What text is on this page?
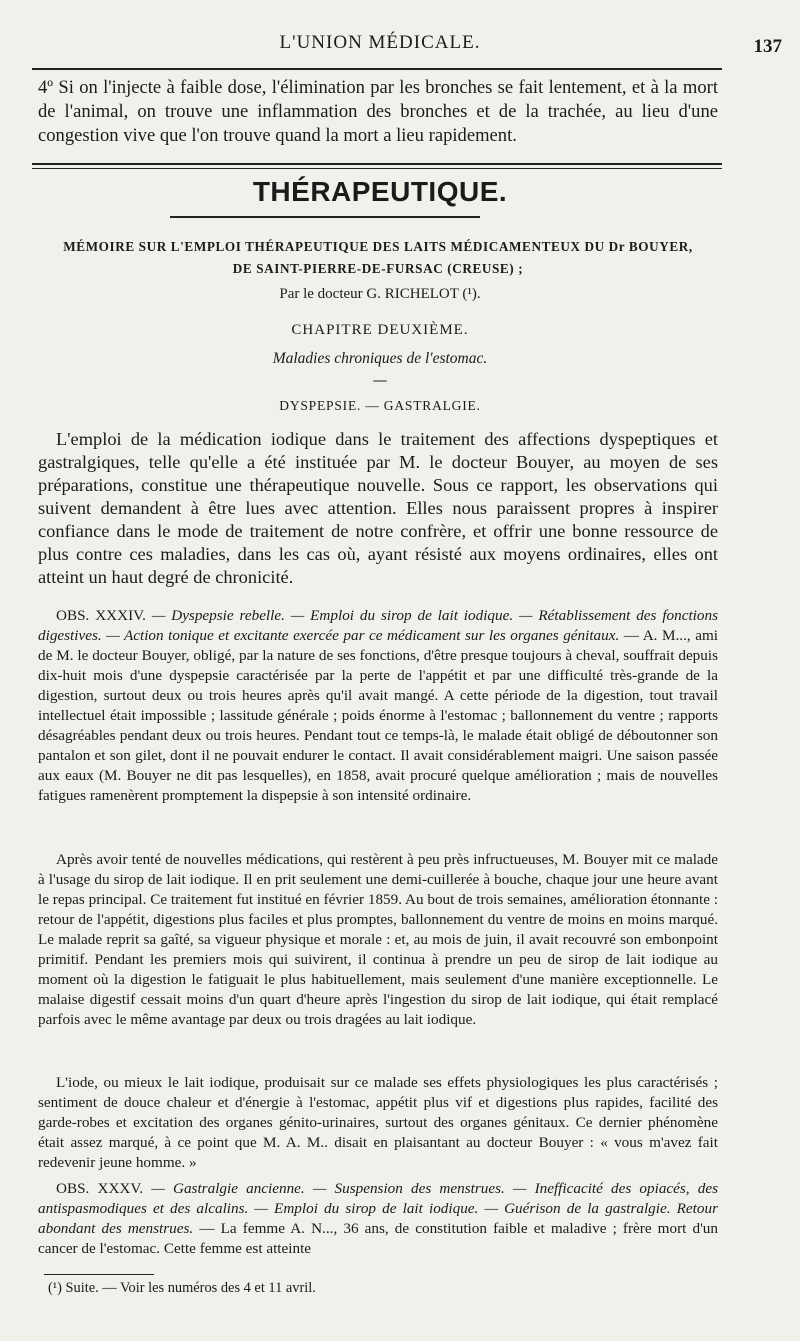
L'UNION MÉDICALE.	137
4º Si on l'injecte à faible dose, l'élimination par les bronches se fait lentement, et à la mort de l'animal, on trouve une inflammation des bronches et de la trachée, au lieu d'une congestion vive que l'on trouve quand la mort a lieu rapidement.
THÉRAPEUTIQUE.
MÉMOIRE SUR L'EMPLOI THÉRAPEUTIQUE DES LAITS MÉDICAMENTEUX DU Dr BOUYER,
DE SAINT-PIERRE-DE-FURSAC (CREUSE) ;
Par le docteur G. RICHELOT (¹).
CHAPITRE DEUXIÈME.
Maladies chroniques de l'estomac.
—
DYSPEPSIE. — GASTRALGIE.
L'emploi de la médication iodique dans le traitement des affections dyspeptiques et gastralgiques, telle qu'elle a été instituée par M. le docteur Bouyer, au moyen de ses préparations, constitue une thérapeutique nouvelle. Sous ce rapport, les observations qui suivent demandent à être lues avec attention. Elles nous paraissent propres à inspirer confiance dans le mode de traitement de notre confrère, et offrir une bonne ressource de plus contre ces maladies, dans les cas où, ayant résisté aux moyens ordinaires, elles ont atteint un haut degré de chronicité.
OBS. XXXIV. — Dyspepsie rebelle. — Emploi du sirop de lait iodique. — Rétablissement des fonctions digestives. — Action tonique et excitante exercée par ce médicament sur les organes génitaux. — A. M..., ami de M. le docteur Bouyer, obligé, par la nature de ses fonctions, d'être presque toujours à cheval, souffrait depuis dix-huit mois d'une dyspepsie caractérisée par la perte de l'appétit et par une difficulté très-grande de la digestion, surtout deux ou trois heures après qu'il avait mangé. A cette période de la digestion, tout travail intellectuel était impossible ; lassitude générale ; poids énorme à l'estomac ; ballonnement du ventre ; rapports désagréables pendant deux ou trois heures. Pendant tout ce temps-là, le malade était obligé de déboutonner son pantalon et son gilet, dont il ne pouvait endurer le contact. Il avait considérablement maigri. Une saison passée aux eaux (M. Bouyer ne dit pas lesquelles), en 1858, avait procuré quelque amélioration ; mais de nouvelles fatigues ramenèrent promptement la dispepsie à son intensité ordinaire.
Après avoir tenté de nouvelles médications, qui restèrent à peu près infructueuses, M. Bouyer mit ce malade à l'usage du sirop de lait iodique. Il en prit seulement une demi-cuillerée à bouche, chaque jour une heure avant le repas principal. Ce traitement fut institué en février 1859. Au bout de trois semaines, amélioration étonnante : retour de l'appétit, digestions plus faciles et plus promptes, ballonnement du ventre de moins en moins marqué. Le malade reprit sa gaîté, sa vigueur physique et morale : et, au mois de juin, il avait recouvré son embonpoint primitif. Pendant les premiers mois qui suivirent, il continua à prendre un peu de sirop de lait iodique au moment où la digestion le fatiguait le plus habituellement, mais seulement d'une manière exceptionnelle. Le malaise digestif cessait moins d'un quart d'heure après l'ingestion du sirop de lait iodique, qui était remplacé parfois avec le même avantage par deux ou trois dragées au lait iodique.
L'iode, ou mieux le lait iodique, produisait sur ce malade ses effets physiologiques les plus caractérisés ; sentiment de douce chaleur et d'énergie à l'estomac, appétit plus vif et digestions plus rapides, facilité des garde-robes et excitation des organes génito-urinaires, surtout des organes génitaux. Ce dernier phénomène était assez marqué, à ce point que M. A. M.. disait en plaisantant au docteur Bouyer : « vous m'avez fait redevenir jeune homme. »
OBS. XXXV. — Gastralgie ancienne. — Suspension des menstrues. — Inefficacité des opiacés, des antispasmodiques et des alcalins. — Emploi du sirop de lait iodique. — Guérison de la gastralgie. Retour abondant des menstrues. — La femme A. N..., 36 ans, de constitution faible et maladive ; frère mort d'un cancer de l'estomac. Cette femme est atteinte
(¹) Suite. — Voir les numéros des 4 et 11 avril.
